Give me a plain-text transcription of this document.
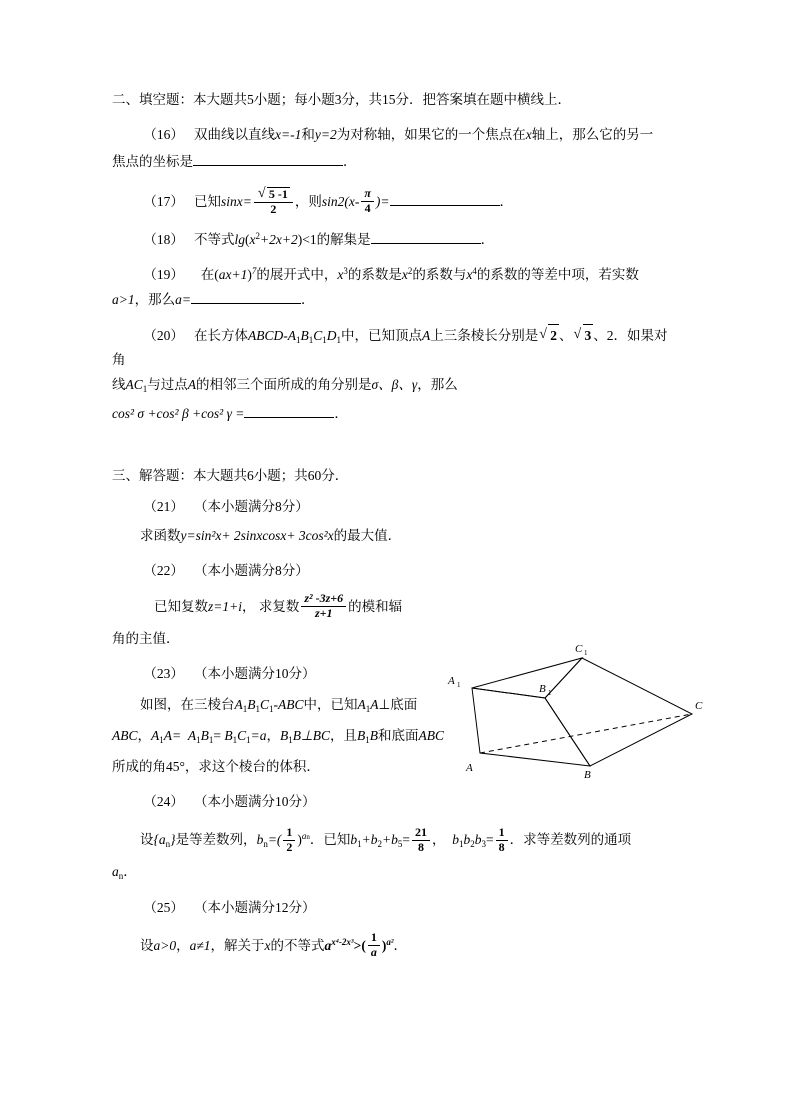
二、填空题：本大题共5小题；每小题3分，共15分．把答案填在题中横线上．
（16） 双曲线以直线x=-1和y=2为对称轴，如果它的一个焦点在x轴上，那么它的另一
焦点的坐标是	．
（17） 已知$\sin x= \frac{√ 5 -1}{2}$ ，则$\sin 2(x- \frac{\pi}{4}$ )=	．
（18） 不等式$\lg(x^2+2x+2)<1$的解集是	．
（19） 在$(ax+1)^7$的展开式中，$x^3$的系数是$x^2$的系数与$x^4$的系数的等差中项，若实数
a>1，那么a=	．
（20） 在长方体ABCD-$A_1B_1C_1D_1$中，已知顶点A上三条棱长分别是 √ 2 、 √ 3 、2．如果对角
线$AC_1$与过点A的相邻三个面所成的角分别是σ、β、γ，那么
cos² σ +cos² β +cos² γ =	．
三、解答题：本大题共6小题；共60分．
（21） （本小题满分8分）
求函数y=sin²x+ 2sinxcosx+ 3cos²x的最大值．
（22） （本小题满分8分）
已知复数z=1+i， 求复数 $\frac{\text{z² -3z+6}}{z+1}$ 的模和辐
角的主值．
（23） （本小题满分10分）
如图，在三棱台$A_1B_1C_1$-ABC中，已知$A_1A\perp$底面
ABC，$A_1A= A_1B_1= B_1C_1=a$，$B_1B\perp BC$，且$B_1B$和底面ABC
所成的角45°，求这个棱台的体积．
（24） （本小题满分10分）
设$\{a_n\}$是等差数列，$b_n=( \frac{1}{2} )^{an}$．已知$b_1+b_2+b_5= \frac{21}{8}$ ， $b_1b_2b_3= \frac{1}{8}$ ．求等差数列的通项
$a_n$．
（25） （本小题满分12分）
设a>0，a≠1，解关于x的不等式$a^{x^4-2x^3}>( \frac{1}{a} )^{a^2}$．
A 1	B 1
C 1
C
A
B
